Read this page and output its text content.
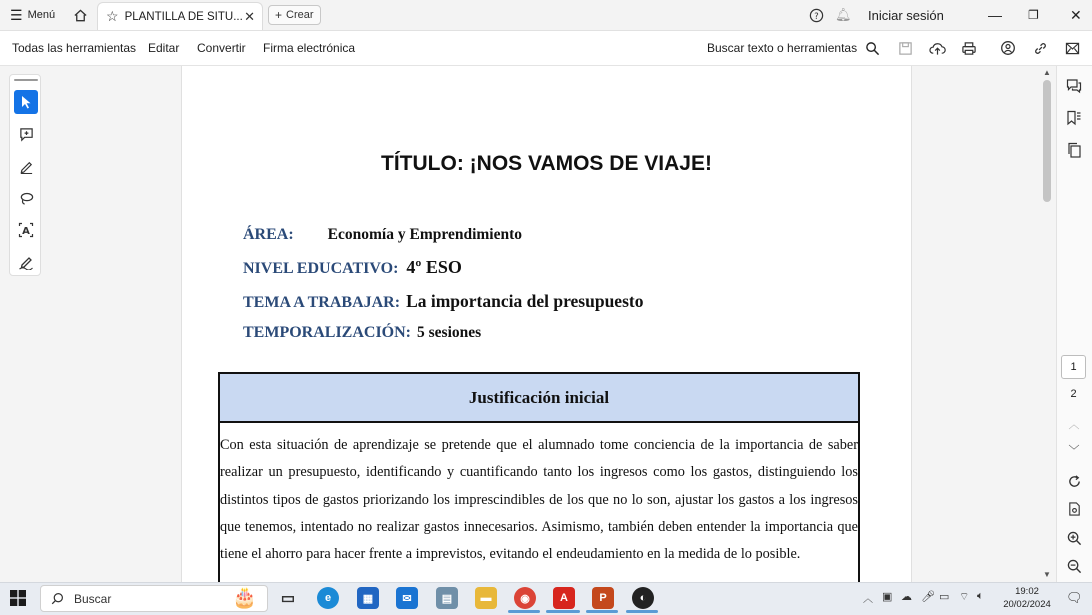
☰ Menú	☆ PLANTILLA DE SITU... ✕ + Crear	? 🔔︎ Iniciar sesión	— ❐ ✕
Todas las herramientas Editar Convertir Firma electrónica	Buscar texto o herramientas
A
TÍTULO: ¡NOS VAMOS DE VIAJE!
ÁREA: Economía y Emprendimiento
NIVEL EDUCATIVO: 4º ESO
TEMA A TRABAJAR: La importancia del presupuesto
TEMPORALIZACIÓN: 5 sesiones
Justificación inicial
Con esta situación de aprendizaje se pretende que el alumnado tome conciencia de la importancia de saber realizar un presupuesto, identificando y cuantificando tanto los ingresos como los gastos, distinguiendo los distintos tipos de gastos priorizando los imprescindibles de los que no lo son, ajustar los gastos a los ingresos que tenemos, intentado no realizar gastos innecesarios. Asimismo, también deben entender la importancia que tiene el ahorro para hacer frente a imprevistos, evitando el endeudamiento en la medida de lo posible.
▲
▼
1
2
︿
﹀
Buscar	🎂 ▭	e	▦	✉	▤	▬	◉	A	P	◐	︿ ▣ ☁ 🎤︎ ▭ ⌔ 🔈︎	19:02
20/02/2024 🗨︎
